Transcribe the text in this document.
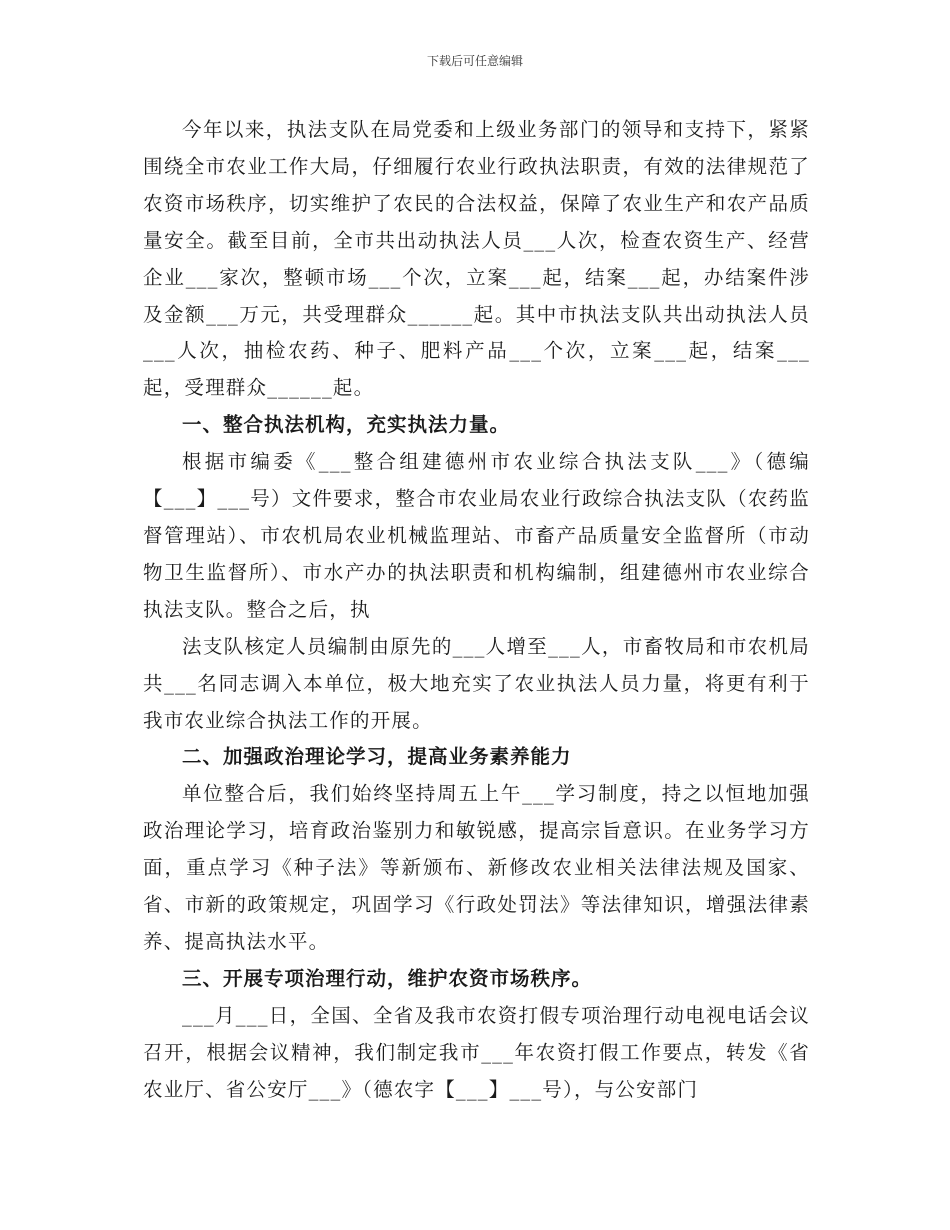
下载后可任意编辑

今年以来，执法支队在局党委和上级业务部门的领导和支持下，紧紧围绕全市农业工作大局，仔细履行农业行政执法职责，有效的法律规范了农资市场秩序，切实维护了农民的合法权益，保障了农业生产和农产品质量安全。截至目前，全市共出动执法人员___人次，检查农资生产、经营企业___家次，整顿市场___个次，立案___起，结案___起，办结案件涉及金额___万元，共受理群众______起。其中市执法支队共出动执法人员___人次，抽检农药、种子、肥料产品___个次，立案___起，结案___起，受理群众______起。

一、整合执法机构，充实执法力量。

根据市编委《___整合组建德州市农业综合执法支队___》（德编【___】___号）文件要求，整合市农业局农业行政综合执法支队（农药监督管理站）、市农机局农业机械监理站、市畜产品质量安全监督所（市动物卫生监督所）、市水产办的执法职责和机构编制，组建德州市农业综合执法支队。整合之后，执

法支队核定人员编制由原先的___人增至___人，市畜牧局和市农机局共___名同志调入本单位，极大地充实了农业执法人员力量，将更有利于我市农业综合执法工作的开展。

二、加强政治理论学习，提高业务素养能力

单位整合后，我们始终坚持周五上午___学习制度，持之以恒地加强政治理论学习，培育政治鉴别力和敏锐感，提高宗旨意识。在业务学习方面，重点学习《种子法》等新颁布、新修改农业相关法律法规及国家、省、市新的政策规定，巩固学习《行政处罚法》等法律知识，增强法律素养、提高执法水平。

三、开展专项治理行动，维护农资市场秩序。

___月___日，全国、全省及我市农资打假专项治理行动电视电话会议召开，根据会议精神，我们制定我市___年农资打假工作要点，转发《省农业厅、省公安厅___》（德农字【___】___号），与公安部门
